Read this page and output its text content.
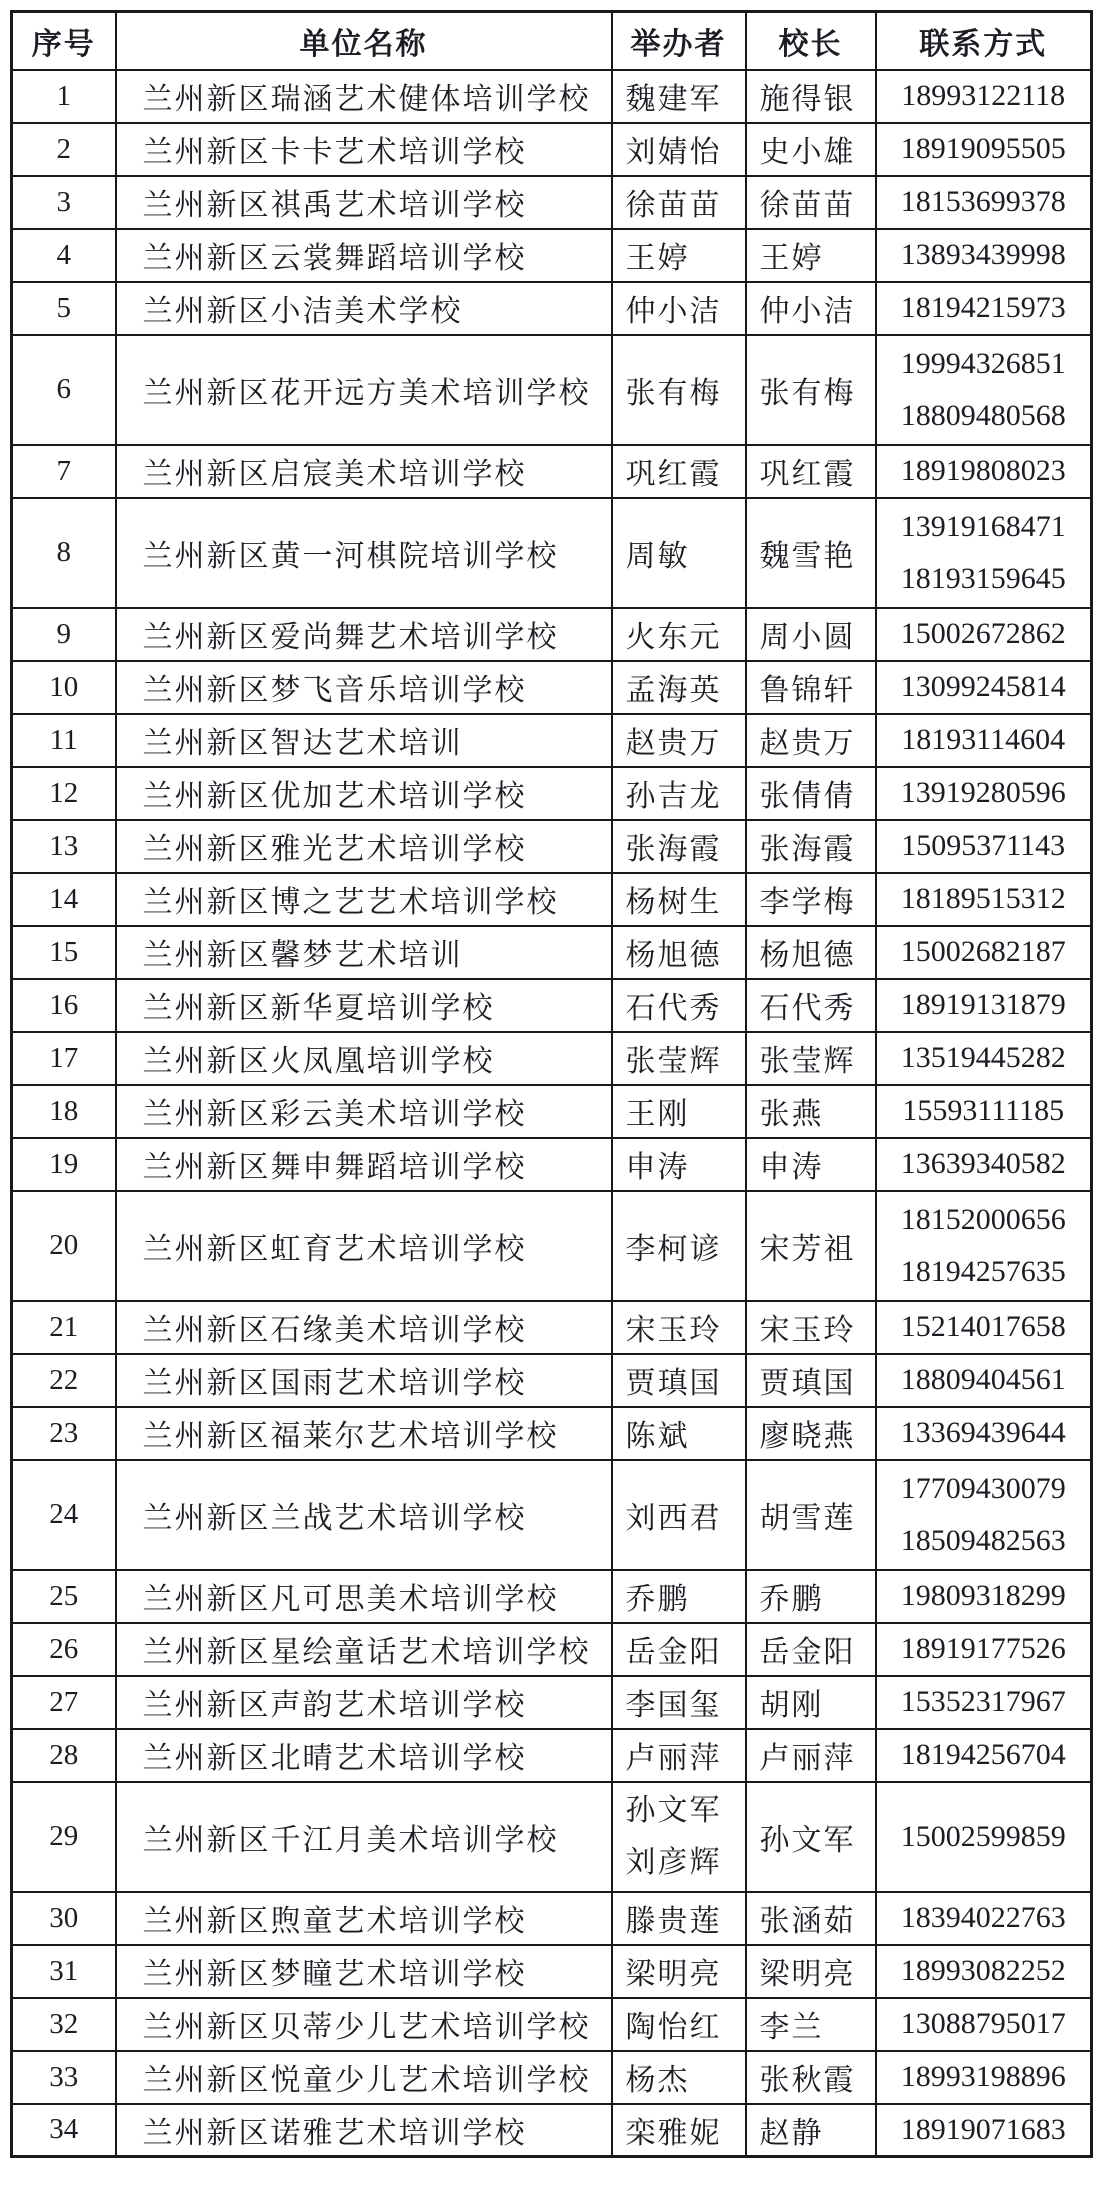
序号	单位名称	举办者	校长	联系方式

1	兰州新区瑞涵艺术健体培训学校	魏建军	施得银	18993122118

2	兰州新区卡卡艺术培训学校	刘婧怡	史小雄	18919095505

3	兰州新区祺禹艺术培训学校	徐苗苗	徐苗苗	18153699378

4	兰州新区云裳舞蹈培训学校	王婷	王婷	13893439998

5	兰州新区小洁美术学校	仲小洁	仲小洁	18194215973

6	兰州新区花开远方美术培训学校	张有梅	张有梅	19994326851
18809480568

7	兰州新区启宸美术培训学校	巩红霞	巩红霞	18919808023

8	兰州新区黄一河棋院培训学校	周敏	魏雪艳	13919168471
18193159645

9	兰州新区爱尚舞艺术培训学校	火东元	周小圆	15002672862

10	兰州新区梦飞音乐培训学校	孟海英	鲁锦轩	13099245814

11	兰州新区智达艺术培训	赵贵万	赵贵万	18193114604

12	兰州新区优加艺术培训学校	孙吉龙	张倩倩	13919280596

13	兰州新区雅光艺术培训学校	张海霞	张海霞	15095371143

14	兰州新区博之艺艺术培训学校	杨树生	李学梅	18189515312

15	兰州新区馨梦艺术培训	杨旭德	杨旭德	15002682187

16	兰州新区新华夏培训学校	石代秀	石代秀	18919131879

17	兰州新区火凤凰培训学校	张莹辉	张莹辉	13519445282

18	兰州新区彩云美术培训学校	王刚	张燕	15593111185

19	兰州新区舞申舞蹈培训学校	申涛	申涛	13639340582

20	兰州新区虹育艺术培训学校	李柯谚	宋芳祖	18152000656
18194257635

21	兰州新区石缘美术培训学校	宋玉玲	宋玉玲	15214017658

22	兰州新区国雨艺术培训学校	贾瑱国	贾瑱国	18809404561

23	兰州新区福莱尔艺术培训学校	陈斌	廖晓燕	13369439644

24	兰州新区兰战艺术培训学校	刘西君	胡雪莲	17709430079
18509482563

25	兰州新区凡可思美术培训学校	乔鹏	乔鹏	19809318299

26	兰州新区星绘童话艺术培训学校	岳金阳	岳金阳	18919177526

27	兰州新区声韵艺术培训学校	李国玺	胡刚	15352317967

28	兰州新区北晴艺术培训学校	卢丽萍	卢丽萍	18194256704

29	兰州新区千江月美术培训学校	孙文军
刘彦辉	孙文军	15002599859

30	兰州新区煦童艺术培训学校	滕贵莲	张涵茹	18394022763

31	兰州新区梦瞳艺术培训学校	梁明亮	梁明亮	18993082252

32	兰州新区贝蒂少儿艺术培训学校	陶怡红	李兰	13088795017

33	兰州新区悦童少儿艺术培训学校	杨杰	张秋霞	18993198896

34	兰州新区诺雅艺术培训学校	栾雅妮	赵静	18919071683
